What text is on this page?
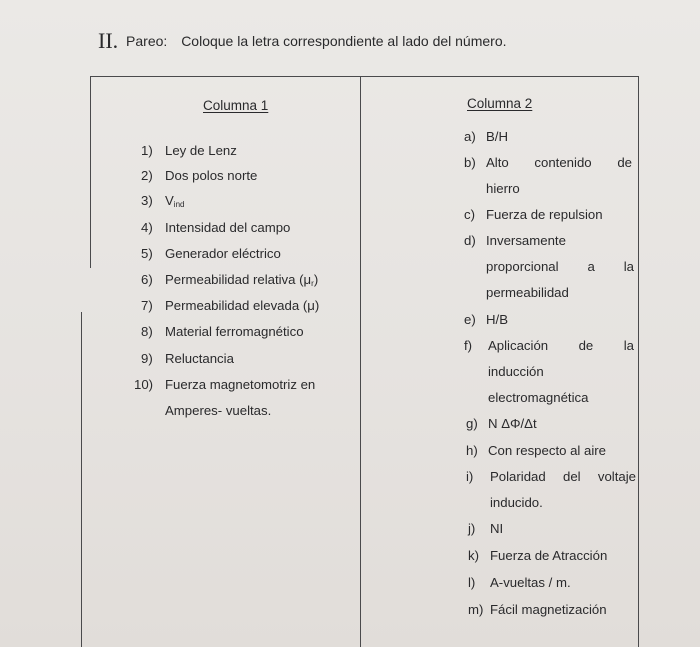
II. Pareo: Coloque la letra correspondiente al lado del número.
Columna 1
1) Ley de Lenz
2) Dos polos norte
3) Vind
4) Intensidad del campo
5) Generador eléctrico
6) Permeabilidad relativa (μr)
7) Permeabilidad elevada (μ)
8) Material ferromagnético
9) Reluctancia
10) Fuerza magnetomotriz en
Amperes- vueltas.
Columna 2
a) B/H
b) Alto contenido de
hierro
c) Fuerza de repulsion
d) Inversamente
proporcional a la
permeabilidad
e) H/B
f)	Aplicación de la
inducción
electromagnética
g) N ΔΦ/Δt
h) Con respecto al aire
i)	Polaridad del voltaje
inducido.
j) NI
k) Fuerza de Atracción
l) A-vueltas / m.
m) Fácil magnetización
